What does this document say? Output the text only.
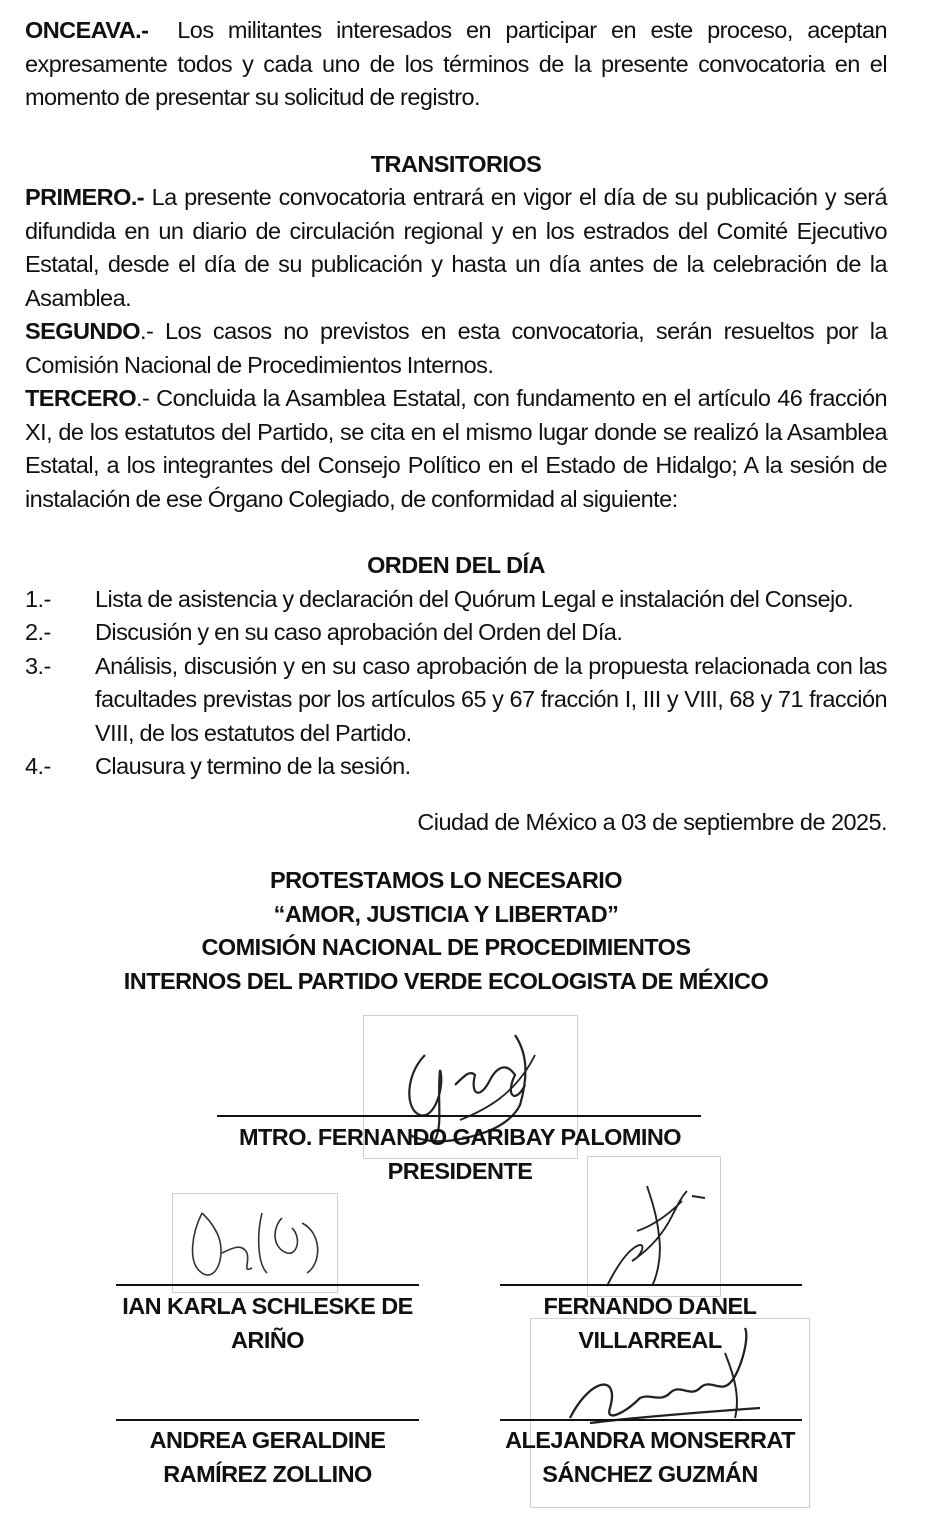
ONCEAVA.- Los militantes interesados en participar en este proceso, aceptan expresamente todos y cada uno de los términos de la presente convocatoria en el momento de presentar su solicitud de registro.

TRANSITORIOS

PRIMERO.- La presente convocatoria entrará en vigor el día de su publicación y será difundida en un diario de circulación regional y en los estrados del Comité Ejecutivo Estatal, desde el día de su publicación y hasta un día antes de la celebración de la Asamblea.

SEGUNDO.- Los casos no previstos en esta convocatoria, serán resueltos por la Comisión Nacional de Procedimientos Internos.

TERCERO.- Concluida la Asamblea Estatal, con fundamento en el artículo 46 fracción XI, de los estatutos del Partido, se cita en el mismo lugar donde se realizó la Asamblea Estatal, a los integrantes del Consejo Político en el Estado de Hidalgo; A la sesión de instalación de ese Órgano Colegiado, de conformidad al siguiente:

ORDEN DEL DÍA

1.-	Lista de asistencia y declaración del Quórum Legal e instalación del Consejo.
2.-	Discusión y en su caso aprobación del Orden del Día.
3.-	Análisis, discusión y en su caso aprobación de la propuesta relacionada con las facultades previstas por los artículos 65 y 67 fracción I, III y VIII, 68 y 71 fracción VIII, de los estatutos del Partido.
4.-	Clausura y termino de la sesión.

Ciudad de México a 03 de septiembre de 2025.

PROTESTAMOS LO NECESARIO

“AMOR, JUSTICIA Y LIBERTAD”

COMISIÓN NACIONAL DE PROCEDIMIENTOS

INTERNOS DEL PARTIDO VERDE ECOLOGISTA DE MÉXICO

MTRO. FERNANDO GARIBAY PALOMINO
PRESIDENTE
IAN KARLA SCHLESKE DE
ARIÑO
FERNANDO DANEL
VILLARREAL
ANDREA GERALDINE
RAMÍREZ ZOLLINO
ALEJANDRA MONSERRAT
SÁNCHEZ GUZMÁN
